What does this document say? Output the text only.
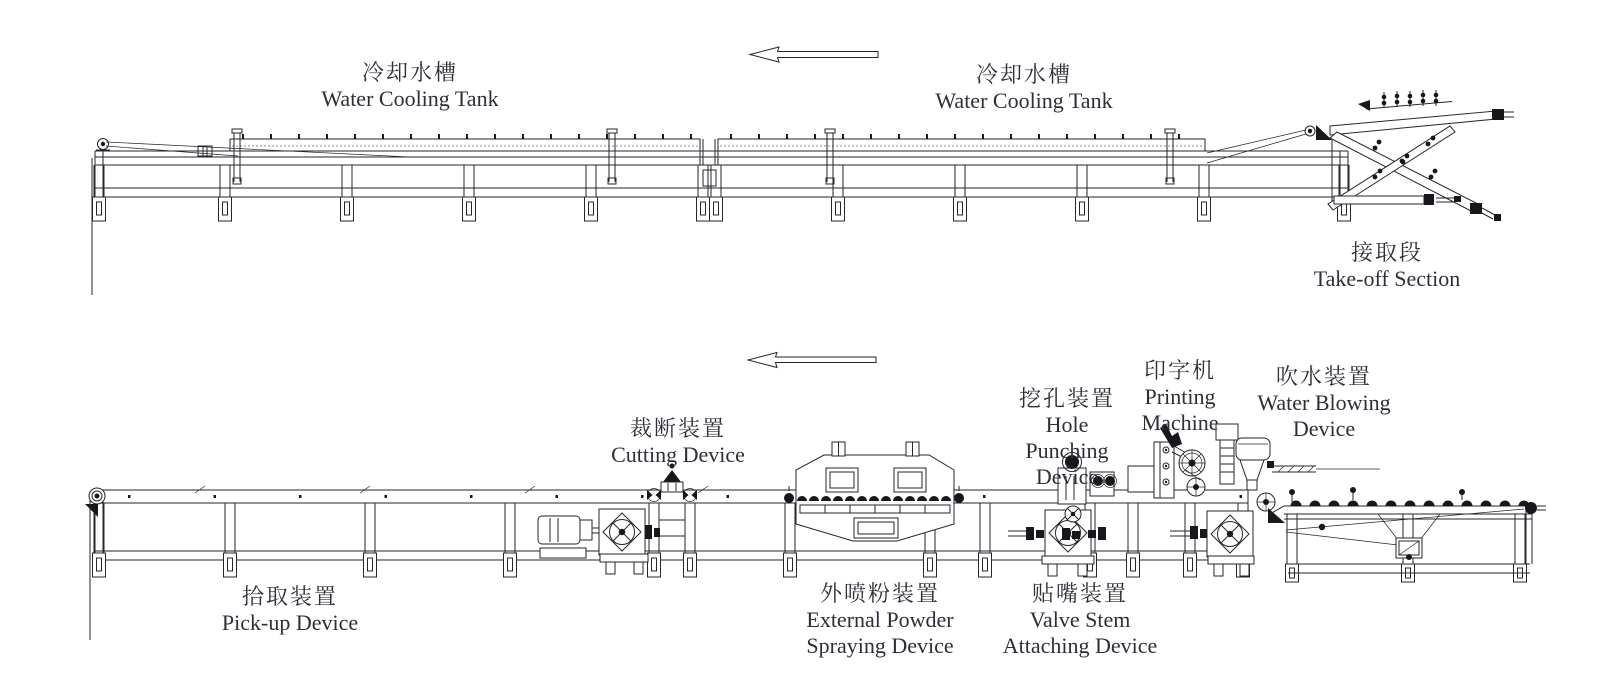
冷却水槽
Water Cooling Tank
冷却水槽
Water Cooling Tank
接取段
Take-off Section
拾取装置
Pick-up Device
裁断装置
Cutting Device
外喷粉装置
External Powder
Spraying Device
贴嘴装置
Valve Stem
Attaching Device
挖孔装置
Hole
Punching
Device
印字机
Printing
Machine
吹水装置
Water Blowing
Device
